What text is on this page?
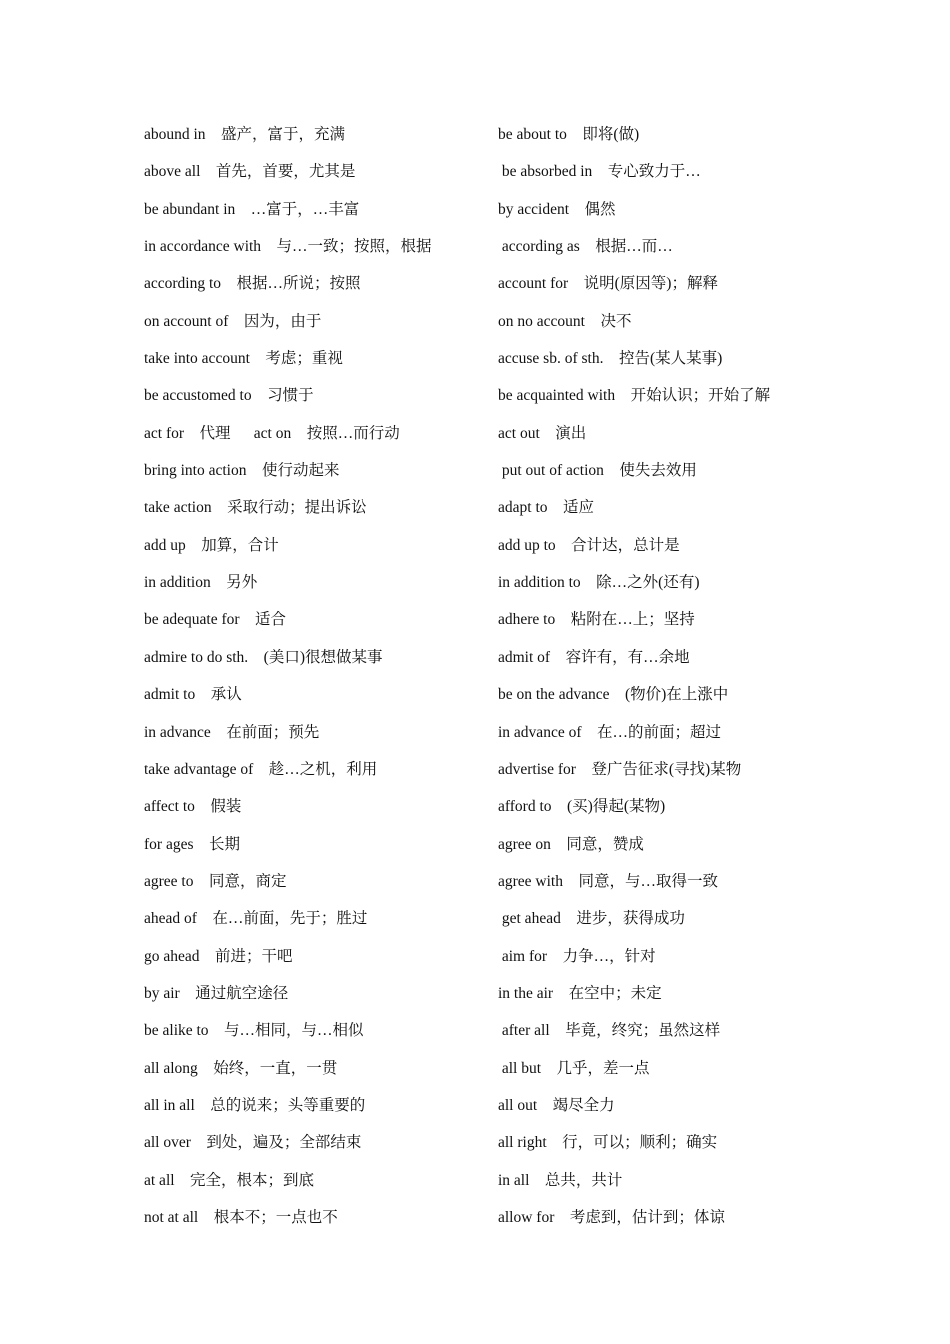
abound in    盛产，富于，充满
above all    首先，首要，尤其是
be abundant in    …富于，…丰富
in accordance with    与…一致；按照，根据
according to    根据…所说；按照
on account of    因为，由于
take into account    考虑；重视
be accustomed to    习惯于
act for    代理      act on    按照…而行动
bring into action    使行动起来
take action    采取行动；提出诉讼
add up    加算，合计
in addition    另外
be adequate for    适合
admire to do sth.    (美口)很想做某事
admit to    承认
in advance    在前面；预先
take advantage of    趁…之机，利用
affect to    假装
for ages    长期
agree to    同意，商定
ahead of    在…前面，先于；胜过
go ahead    前进；干吧
by air    通过航空途径
be alike to    与…相同，与…相似
all along    始终，一直，一贯
all in all    总的说来；头等重要的
all over    到处，遍及；全部结束
at all    完全，根本；到底
not at all    根本不；一点也不
be about to    即将(做)
be absorbed in    专心致力于…
by accident    偶然
according as    根据…而…
account for    说明(原因等)；解释
on no account    决不
accuse sb. of sth.    控告(某人某事)
be acquainted with    开始认识；开始了解
act out    演出
put out of action    使失去效用
adapt to    适应
add up to    合计达，总计是
in addition to    除…之外(还有)
adhere to    粘附在…上；坚持
admit of    容许有，有…余地
be on the advance    (物价)在上涨中
in advance of    在…的前面；超过
advertise for    登广告征求(寻找)某物
afford to    (买)得起(某物)
agree on    同意，赞成
agree with    同意，与…取得一致
get ahead    进步，获得成功
aim for    力争…，针对
in the air    在空中；未定
after all    毕竟，终究；虽然这样
all but    几乎，差一点
all out    竭尽全力
all right    行，可以；顺利；确实
in all    总共，共计
allow for    考虑到，估计到；体谅
